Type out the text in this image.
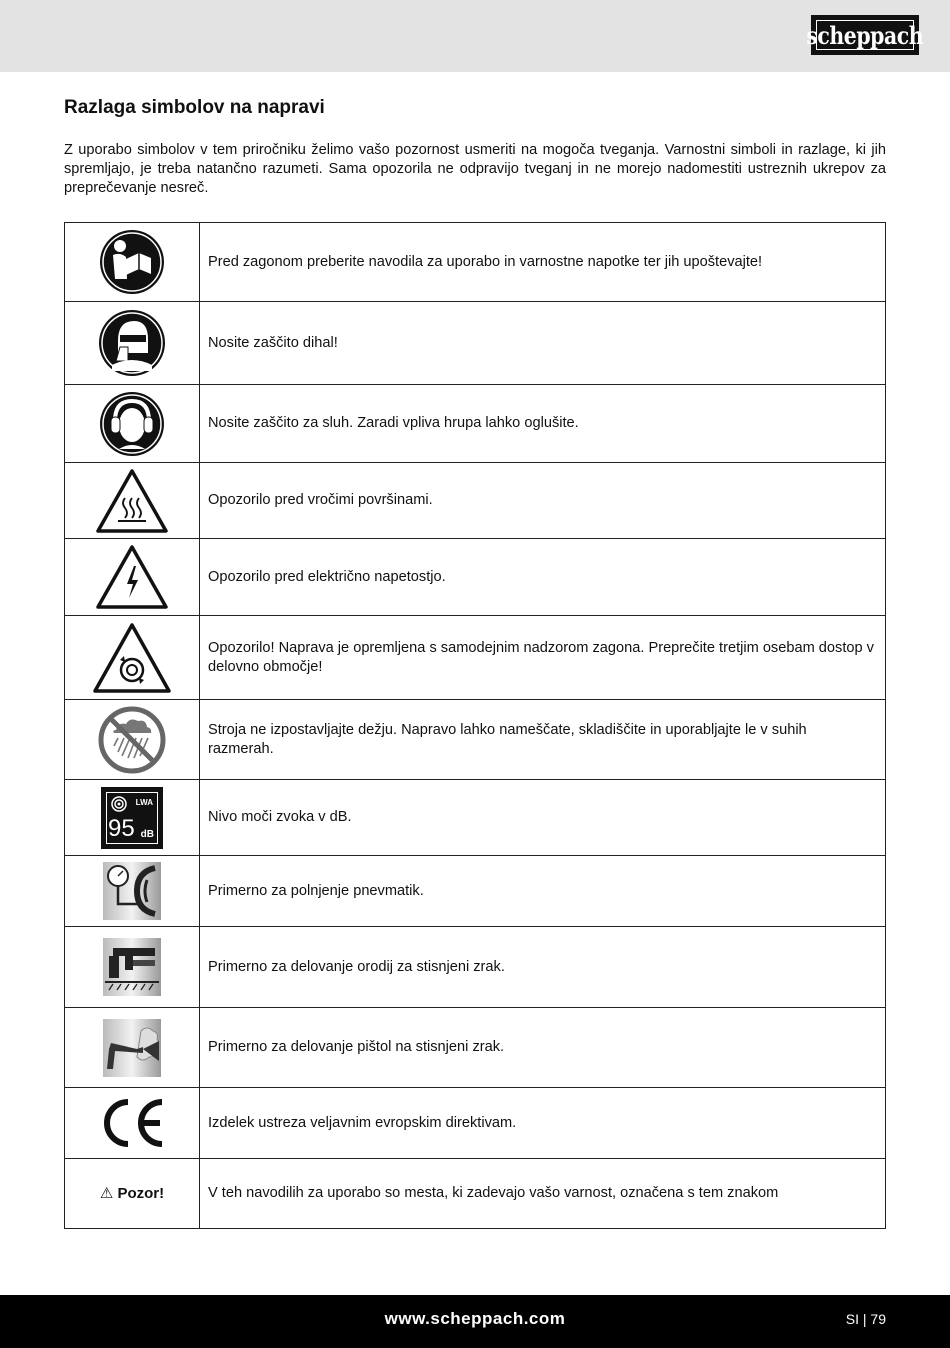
scheppach
Razlaga simbolov na napravi

Z uporabo simbolov v tem priročniku želimo vašo pozornost usmeriti na mogoča tveganja. Varnostni simboli in razlage, ki jih spremljajo, je treba natančno razumeti. Sama opozorila ne odpravijo tveganj in ne morejo nadomestiti ustreznih ukrepov za preprečevanje nesreč.

	Pred zagonom preberite navodila za uporabo in varnostne napotke ter jih upoštevajte!

	Nosite zaščito dihal!

	Nosite zaščito za sluh. Zaradi vpliva hrupa lahko oglušite.

	Opozorilo pred vročimi površinami.

	Opozorilo pred električno napetostjo.

	Opozorilo! Naprava je opremljena s samodejnim nadzorom zagona. Preprečite tretjim osebam dostop v delovno območje!

	Stroja ne izpostavljajte dežju. Napravo lahko nameščate, skladiščite in uporabljajte le v suhih razmerah.

LWA
95 dB	Nivo moči zvoka v dB.

	Primerno za polnjenje pnevmatik.

	Primerno za delovanje orodij za stisnjeni zrak.

	Primerno za delovanje pištol na stisnjeni zrak.

	Izdelek ustreza veljavnim evropskim direktivam.
⚠ Pozor!	V teh navodilih za uporabo so mesta, ki zadevajo vašo varnost, označena s tem znakom
www.scheppach.com	SI | 79
